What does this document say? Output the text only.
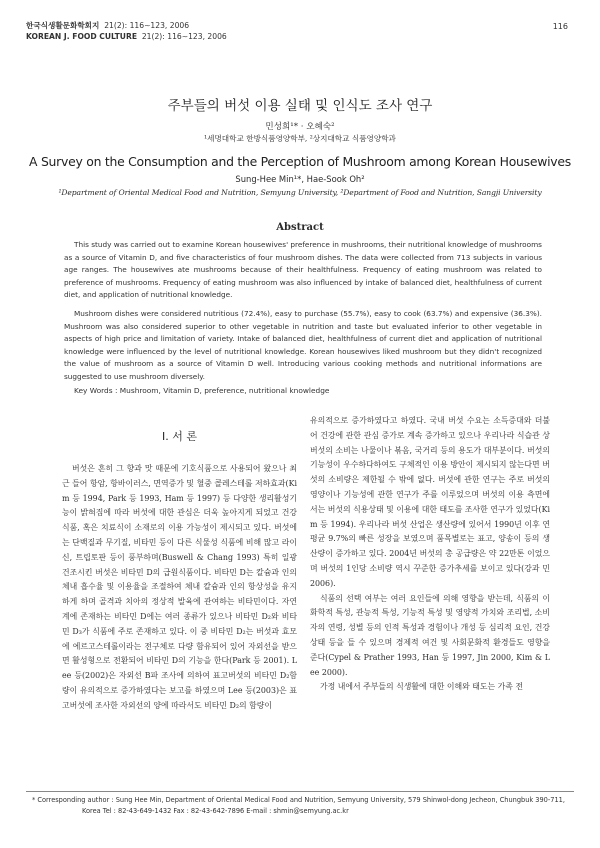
한국식생활문화학회지 21(2): 116∼123, 2006
KOREAN J. FOOD CULTURE 21(2): 116∼123, 2006
116
주부들의 버섯 이용 실태 및 인식도 조사 연구
민성희¹* · 오혜숙²
¹세명대학교 한방식품영양학부, ²상지대학교 식품영양학과
A Survey on the Consumption and the Perception of Mushroom among Korean Housewives
Sung-Hee Min¹*, Hae-Sook Oh²
¹Department of Oriental Medical Food and Nutrition, Semyung University, ²Department of Food and Nutrition, Sangji University
Abstract
This study was carried out to examine Korean housewives' preference in mushrooms, their nutritional knowledge of mushrooms as a source of Vitamin D, and five characteristics of four mushroom dishes. The data were collected from 713 subjects in various age ranges. The housewives ate mushrooms because of their healthfulness. Frequency of eating mushroom was related to preference of mushrooms. Frequency of eating mushroom was also influenced by intake of balanced diet, healthfulness of current diet, and application of nutritional knowledge.
Mushroom dishes were considered nutritious (72.4%), easy to purchase (55.7%), easy to cook (63.7%) and expensive (36.3%). Mushroom was also considered superior to other vegetable in nutrition and taste but evaluated inferior to other vegetable in aspects of high price and limitation of variety. Intake of balanced diet, healthfulness of current diet and application of nutritional knowledge were influenced by the level of nutritional knowledge. Korean housewives liked mushroom but they didn't recognized the value of mushroom as a source of Vitamin D well. Introducing various cooking methods and nutritional informations are suggested to use mushroom diversely.
Key Words : Mushroom, Vitamin D, preference, nutritional knowledge
Ⅰ. 서 론
버섯은 흔히 그 향과 맛 때문에 기호식품으로 사용되어 왔으나 최근 들어 항암, 항바이러스, 면역증가 및 혈중 콜레스테롤 저하효과(Kim 등 1994, Park 등 1993, Ham 등 1997) 등 다양한 생리활성기능이 밝혀짐에 따라 버섯에 대한 관심은 더욱 높아지게 되었고 건강식품, 혹은 치료식이 소재로의 이용 가능성이 제시되고 있다. 버섯에는 단백질과 무기질, 비타민 등이 다른 식물성 식품에 비해 많고 라이신, 트립토판 등이 풍부하며(Buswell & Chang 1993) 특히 일광 건조시킨 버섯은 비타민 D의 급원식품이다. 비타민 D는 칼슘과 인의 체내 흡수율 및 이용율을 조절하여 체내 칼슘과 인의 항상성을 유지하게 하며 골격과 치아의 정상적 발육에 관여하는 비타민이다. 자연계에 존재하는 비타민 D에는 여러 종류가 있으나 비타민 D₂와 비타민 D₃가 식품에 주로 존재하고 있다. 이 중 비타민 D₂는 버섯과 효모에 에르고스테롤이라는 전구체로 다량 함유되어 있어 자외선을 받으면 활성형으로 전환되어 비타민 D의 기능을 한다(Park 등 2001). Lee 등(2002)은 자외선 B파 조사에 의하여 표고버섯의 비타민 D₂함량이 유의적으로 증가하였다는 보고를 하였으며 Lee 등(2003)은 표고버섯에 조사한 자외선의 양에 따라서도 비타민 D₂의 함량이

유의적으로 증가하였다고 하였다. 국내 버섯 수요는 소득증대와 더불어 건강에 관한 관심 증가로 계속 증가하고 있으나 우리나라 식습관 상 버섯의 소비는 나물이나 볶음, 국거리 등의 용도가 대부분이다. 버섯의 기능성이 우수하다하여도 구체적인 이용 방안이 제시되지 않는다면 버섯의 소비량은 제한될 수 밖에 없다. 버섯에 관한 연구는 주로 버섯의 영양이나 기능성에 관한 연구가 주를 이루었으며 버섯의 이용 측면에서는 버섯의 식용상태 및 이용에 대한 태도를 조사한 연구가 있었다(Kim 등 1994). 우리나라 버섯 산업은 생산량에 있어서 1990년 이후 연평균 9.7%의 빠른 성장을 보였으며 품목별로는 표고, 양송이 등의 생산량이 증가하고 있다. 2004년 버섯의 총 공급량은 약 22만톤 이었으며 버섯의 1인당 소비량 역시 꾸준한 증가추세를 보이고 있다(강과 민 2006).

식품의 선택 여부는 여러 요인들에 의해 영향을 받는데, 식품의 이화학적 특성, 관능적 특성, 기능적 특성 및 영양적 가치와 조리법, 소비자의 연령, 성별 등의 인적 특성과 경험이나 개성 등 심리적 요인, 건강상태 등을 들 수 있으며 경제적 여건 및 사회문화적 환경들도 영향을 준다(Cypel & Prather 1993, Han 등 1997, Jin 2000, Kim & Lee 2000).

가정 내에서 주부들의 식생활에 대한 이해와 태도는 가족 전

* Corresponding author : Sung Hee Min, Department of Oriental Medical Food and Nutrition, Semyung University, 579 Shinwol-dong Jecheon, Chungbuk 390-711,
Korea Tel : 82-43-649-1432 Fax : 82-43-642-7896 E-mail : shmin@semyung.ac.kr
